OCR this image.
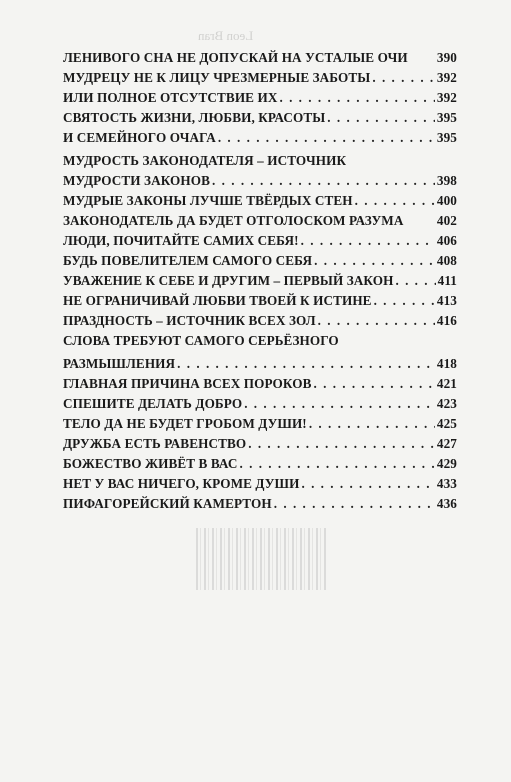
Leon Bran
ЛЕНИВОГО СНА НЕ ДОПУСКАЙ НА УСТАЛЫЕ ОЧИ 390
МУДРЕЦУ НЕ К ЛИЦУ ЧРЕЗМЕРНЫЕ ЗАБОТЫ . . .	392
ИЛИ ПОЛНОЕ ОТСУТСТВИЕ ИХ . . .	392
СВЯТОСТЬ ЖИЗНИ, ЛЮБВИ, КРАСОТЫ . . .	395
И СЕМЕЙНОГО ОЧАГА . . .	395
МУДРОСТЬ ЗАКОНОДАТЕЛЯ – ИСТОЧНИК
МУДРОСТИ ЗАКОНОВ . . .	398
МУДРЫЕ ЗАКОНЫ ЛУЧШЕ ТВЁРДЫХ СТЕН . . .	400
ЗАКОНОДАТЕЛЬ ДА БУДЕТ ОТГОЛОСКОМ РАЗУМА	402
ЛЮДИ, ПОЧИТАЙТЕ САМИХ СЕБЯ! . . .	406
БУДЬ ПОВЕЛИТЕЛЕМ САМОГО СЕБЯ . . .	408
УВАЖЕНИЕ К СЕБЕ И ДРУГИМ – ПЕРВЫЙ ЗАКОН . . .	411
НЕ ОГРАНИЧИВАЙ ЛЮБВИ ТВОЕЙ К ИСТИНЕ . . .	413
ПРАЗДНОСТЬ – ИСТОЧНИК ВСЕХ ЗОЛ . . .	416
СЛОВА ТРЕБУЮТ САМОГО СЕРЬЁЗНОГО
РАЗМЫШЛЕНИЯ . . .	418
ГЛАВНАЯ ПРИЧИНА ВСЕХ ПОРОКОВ . . .	421
СПЕШИТЕ ДЕЛАТЬ ДОБРО . . .	423
ТЕЛО ДА НЕ БУДЕТ ГРОБОМ ДУШИ! . . .	425
ДРУЖБА ЕСТЬ РАВЕНСТВО . . .	427
БОЖЕСТВО ЖИВЁТ В ВАС . . .	429
НЕТ У ВАС НИЧЕГО, КРОМЕ ДУШИ . . .	433
ПИФАГОРЕЙСКИЙ КАМЕРТОН . . .	436
